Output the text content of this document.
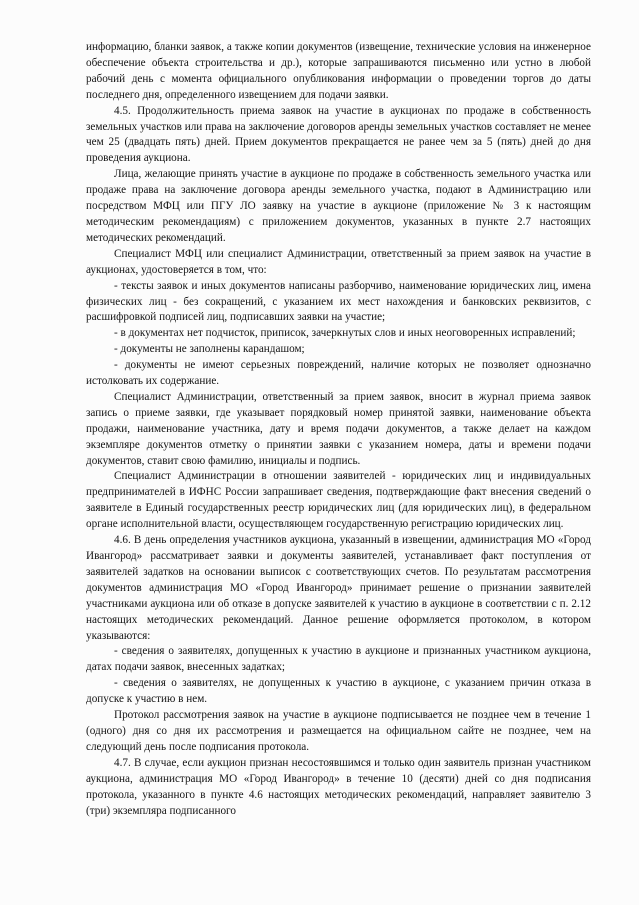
информацию, бланки заявок, а также копии документов (извещение, технические условия на инженерное обеспечение объекта строительства и др.), которые запрашиваются письменно или устно в любой рабочий день с момента официального опубликования информации о проведении торгов до даты последнего дня, определенного извещением для подачи заявки.

4.5. Продолжительность приема заявок на участие в аукционах по продаже в собственность земельных участков или права на заключение договоров аренды земельных участков составляет не менее чем 25 (двадцать пять) дней. Прием документов прекращается не ранее чем за 5 (пять) дней до дня проведения аукциона.

Лица, желающие принять участие в аукционе по продаже в собственность земельного участка или продаже права на заключение договора аренды земельного участка, подают в Администрацию или посредством МФЦ или ПГУ ЛО заявку на участие в аукционе (приложение № 3 к настоящим методическим рекомендациям) с приложением документов, указанных в пункте 2.7 настоящих методических рекомендаций.

Специалист МФЦ или специалист Администрации, ответственный за прием заявок на участие в аукционах, удостоверяется в том, что:

- тексты заявок и иных документов написаны разборчиво, наименование юридических лиц, имена физических лиц - без сокращений, с указанием их мест нахождения и банковских реквизитов, с расшифровкой подписей лиц, подписавших заявки на участие;

- в документах нет подчисток, приписок, зачеркнутых слов и иных неоговоренных исправлений;

- документы не заполнены карандашом;

- документы не имеют серьезных повреждений, наличие которых не позволяет однозначно истолковать их содержание.

Специалист Администрации, ответственный за прием заявок, вносит в журнал приема заявок запись о приеме заявки, где указывает порядковый номер принятой заявки, наименование объекта продажи, наименование участника, дату и время подачи документов, а также делает на каждом экземпляре документов отметку о принятии заявки с указанием номера, даты и времени подачи документов, ставит свою фамилию, инициалы и подпись.

Специалист Администрации в отношении заявителей - юридических лиц и индивидуальных предпринимателей в ИФНС России запрашивает сведения, подтверждающие факт внесения сведений о заявителе в Единый государственных реестр юридических лиц (для юридических лиц), в федеральном органе исполнительной власти, осуществляющем государственную регистрацию юридических лиц.

4.6. В день определения участников аукциона, указанный в извещении, администрация МО «Город Ивангород» рассматривает заявки и документы заявителей, устанавливает факт поступления от заявителей задатков на основании выписок с соответствующих счетов. По результатам рассмотрения документов администрация МО «Город Ивангород» принимает решение о признании заявителей участниками аукциона или об отказе в допуске заявителей к участию в аукционе в соответствии с п. 2.12 настоящих методических рекомендаций. Данное решение оформляется протоколом, в котором указываются:

- сведения о заявителях, допущенных к участию в аукционе и признанных участником аукциона, датах подачи заявок, внесенных задатках;

- сведения о заявителях, не допущенных к участию в аукционе, с указанием причин отказа в допуске к участию в нем.

Протокол рассмотрения заявок на участие в аукционе подписывается не позднее чем в течение 1 (одного) дня со дня их рассмотрения и размещается на официальном сайте не позднее, чем на следующий день после подписания протокола.

4.7. В случае, если аукцион признан несостоявшимся и только один заявитель признан участником аукциона, администрация МО «Город Ивангород» в течение 10 (десяти) дней со дня подписания протокола, указанного в пункте 4.6 настоящих методических рекомендаций, направляет заявителю 3 (три) экземпляра подписанного
